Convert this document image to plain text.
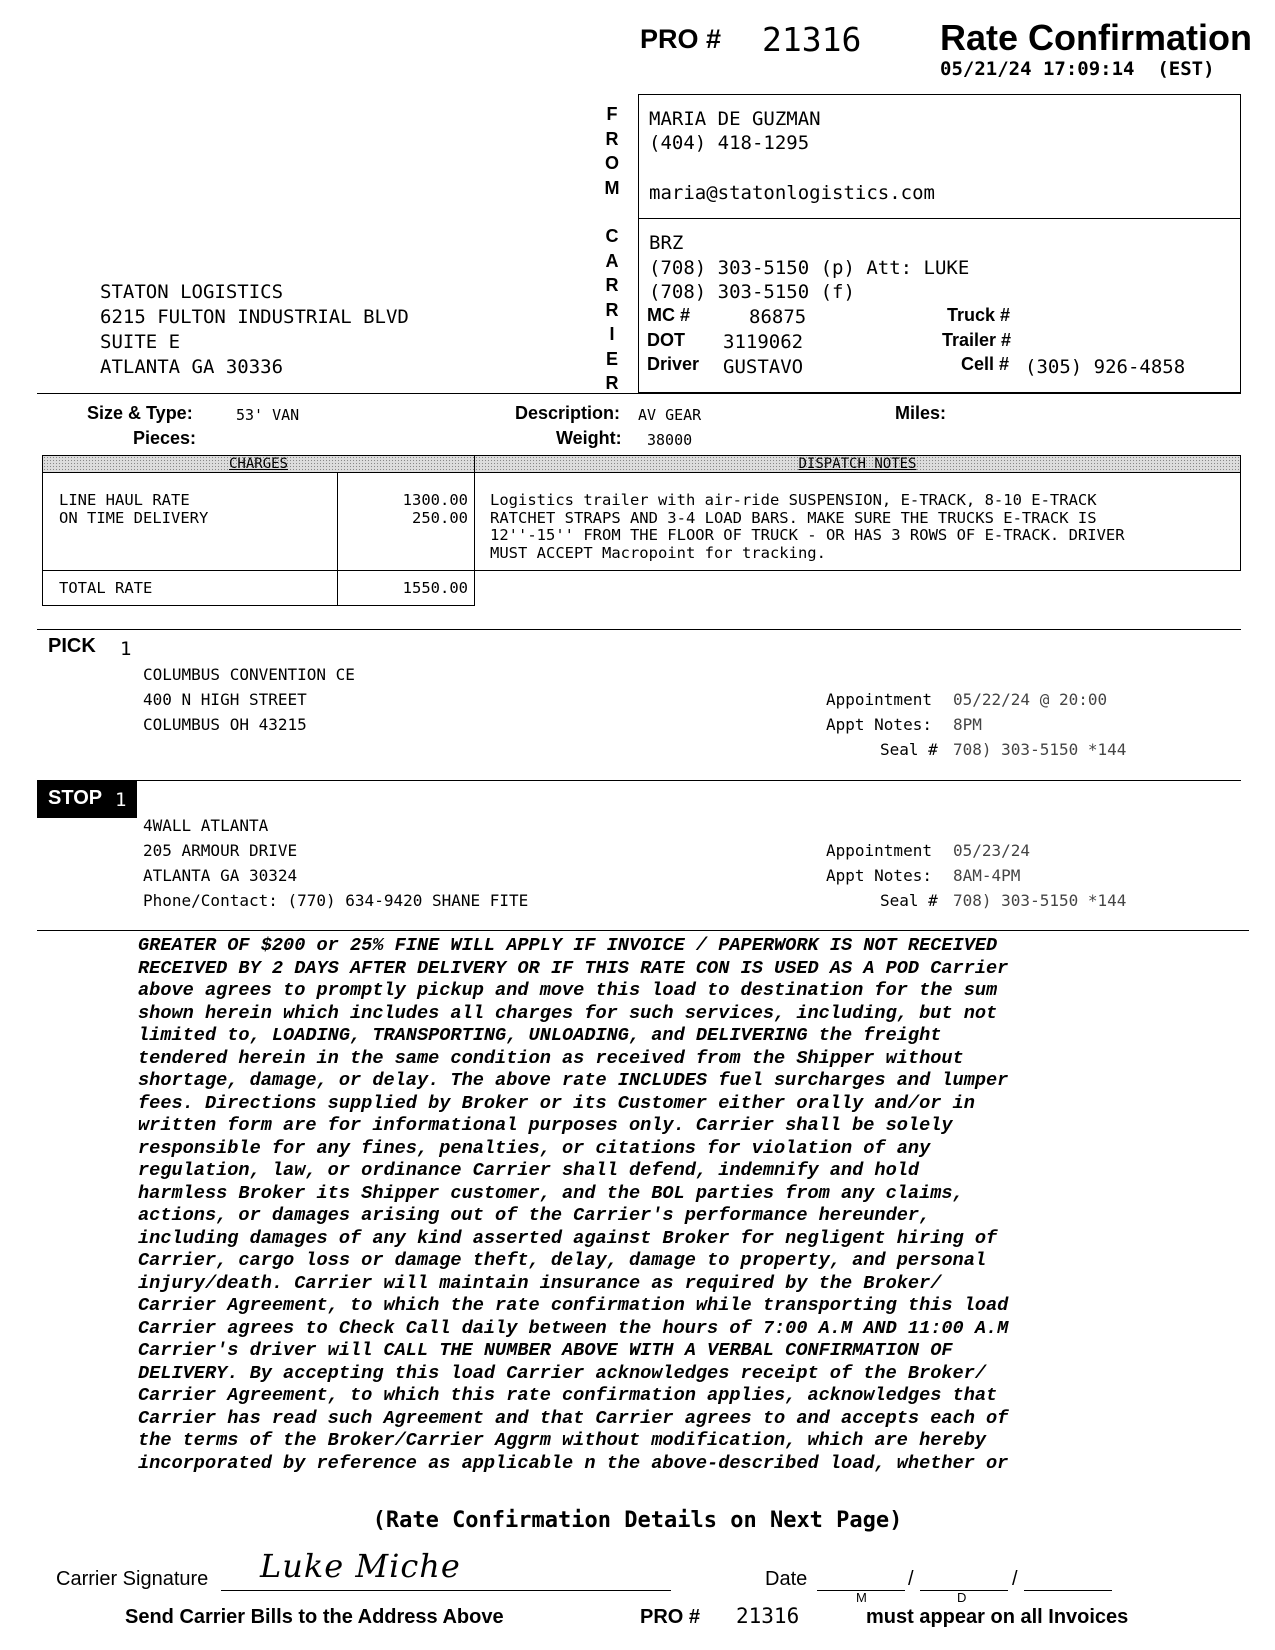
PRO # 21316 Rate Confirmation
05/21/24 17:09:14  (EST)
F
R
O
M
C
A
R
R
I
E
R
MARIA DE GUZMAN
(404) 418-1295
maria@statonlogistics.com
BRZ
(708) 303-5150 (p) Att: LUKE
(708) 303-5150 (f)
MC #	86875	Truck #
DOT 3119062	Trailer #
Driver GUSTAVO	Cell # (305) 926-4858
STATON LOGISTICS
6215 FULTON INDUSTRIAL BLVD
SUITE E
ATLANTA GA 30336
Size & Type:	53' VAN
Pieces:
Description: AV GEAR
Weight: 38000
Miles:
CHARGES	DISPATCH NOTES
LINE HAUL RATE	1300.00
ON TIME DELIVERY	250.00
TOTAL RATE	1550.00
Logistics trailer with air-ride SUSPENSION, E-TRACK, 8-10 E-TRACK
RATCHET STRAPS AND 3-4 LOAD BARS. MAKE SURE THE TRUCKS E-TRACK IS
12''-15'' FROM THE FLOOR OF TRUCK - OR HAS 3 ROWS OF E-TRACK. DRIVER
MUST ACCEPT Macropoint for tracking.
PICK 1
COLUMBUS CONVENTION CE
400 N HIGH STREET
COLUMBUS OH 43215
Appointment 05/22/24 @ 20:00
Appt Notes: 8PM
Seal # 708) 303-5150 *144
STOP 1
4WALL ATLANTA
205 ARMOUR DRIVE
ATLANTA GA 30324
Phone/Contact: (770) 634-9420 SHANE FITE
Appointment 05/23/24
Appt Notes: 8AM-4PM
Seal # 708) 303-5150 *144
GREATER OF $200 or 25% FINE WILL APPLY IF INVOICE / PAPERWORK IS NOT RECEIVED
RECEIVED BY 2 DAYS AFTER DELIVERY OR IF THIS RATE CON IS USED AS A POD Carrier
above agrees to promptly pickup and move this load to destination for the sum
shown herein which includes all charges for such services, including, but not
limited to, LOADING, TRANSPORTING, UNLOADING, and DELIVERING the freight
tendered herein in the same condition as received from the Shipper without
shortage, damage, or delay. The above rate INCLUDES fuel surcharges and lumper
fees. Directions supplied by Broker or its Customer either orally and/or in
written form are for informational purposes only. Carrier shall be solely
responsible for any fines, penalties, or citations for violation of any
regulation, law, or ordinance Carrier shall defend, indemnify and hold
harmless Broker its Shipper customer, and the BOL parties from any claims,
actions, or damages arising out of the Carrier's performance hereunder,
including damages of any kind asserted against Broker for negligent hiring of
Carrier, cargo loss or damage theft, delay, damage to property, and personal
injury/death. Carrier will maintain insurance as required by the Broker/
Carrier Agreement, to which the rate confirmation while transporting this load
Carrier agrees to Check Call daily between the hours of 7:00 A.M AND 11:00 A.M
Carrier's driver will CALL THE NUMBER ABOVE WITH A VERBAL CONFIRMATION OF
DELIVERY. By accepting this load Carrier acknowledges receipt of the Broker/
Carrier Agreement, to which this rate confirmation applies, acknowledges that
Carrier has read such Agreement and that Carrier agrees to and accepts each of
the terms of the Broker/Carrier Aggrm without modification, which are hereby
incorporated by reference as applicable n the above-described load, whether or
(Rate Confirmation Details on Next Page)
Carrier Signature Luke Miche	Date	/	/
M	D
Send Carrier Bills to the Address Above	PRO # 21316	must appear on all Invoices
